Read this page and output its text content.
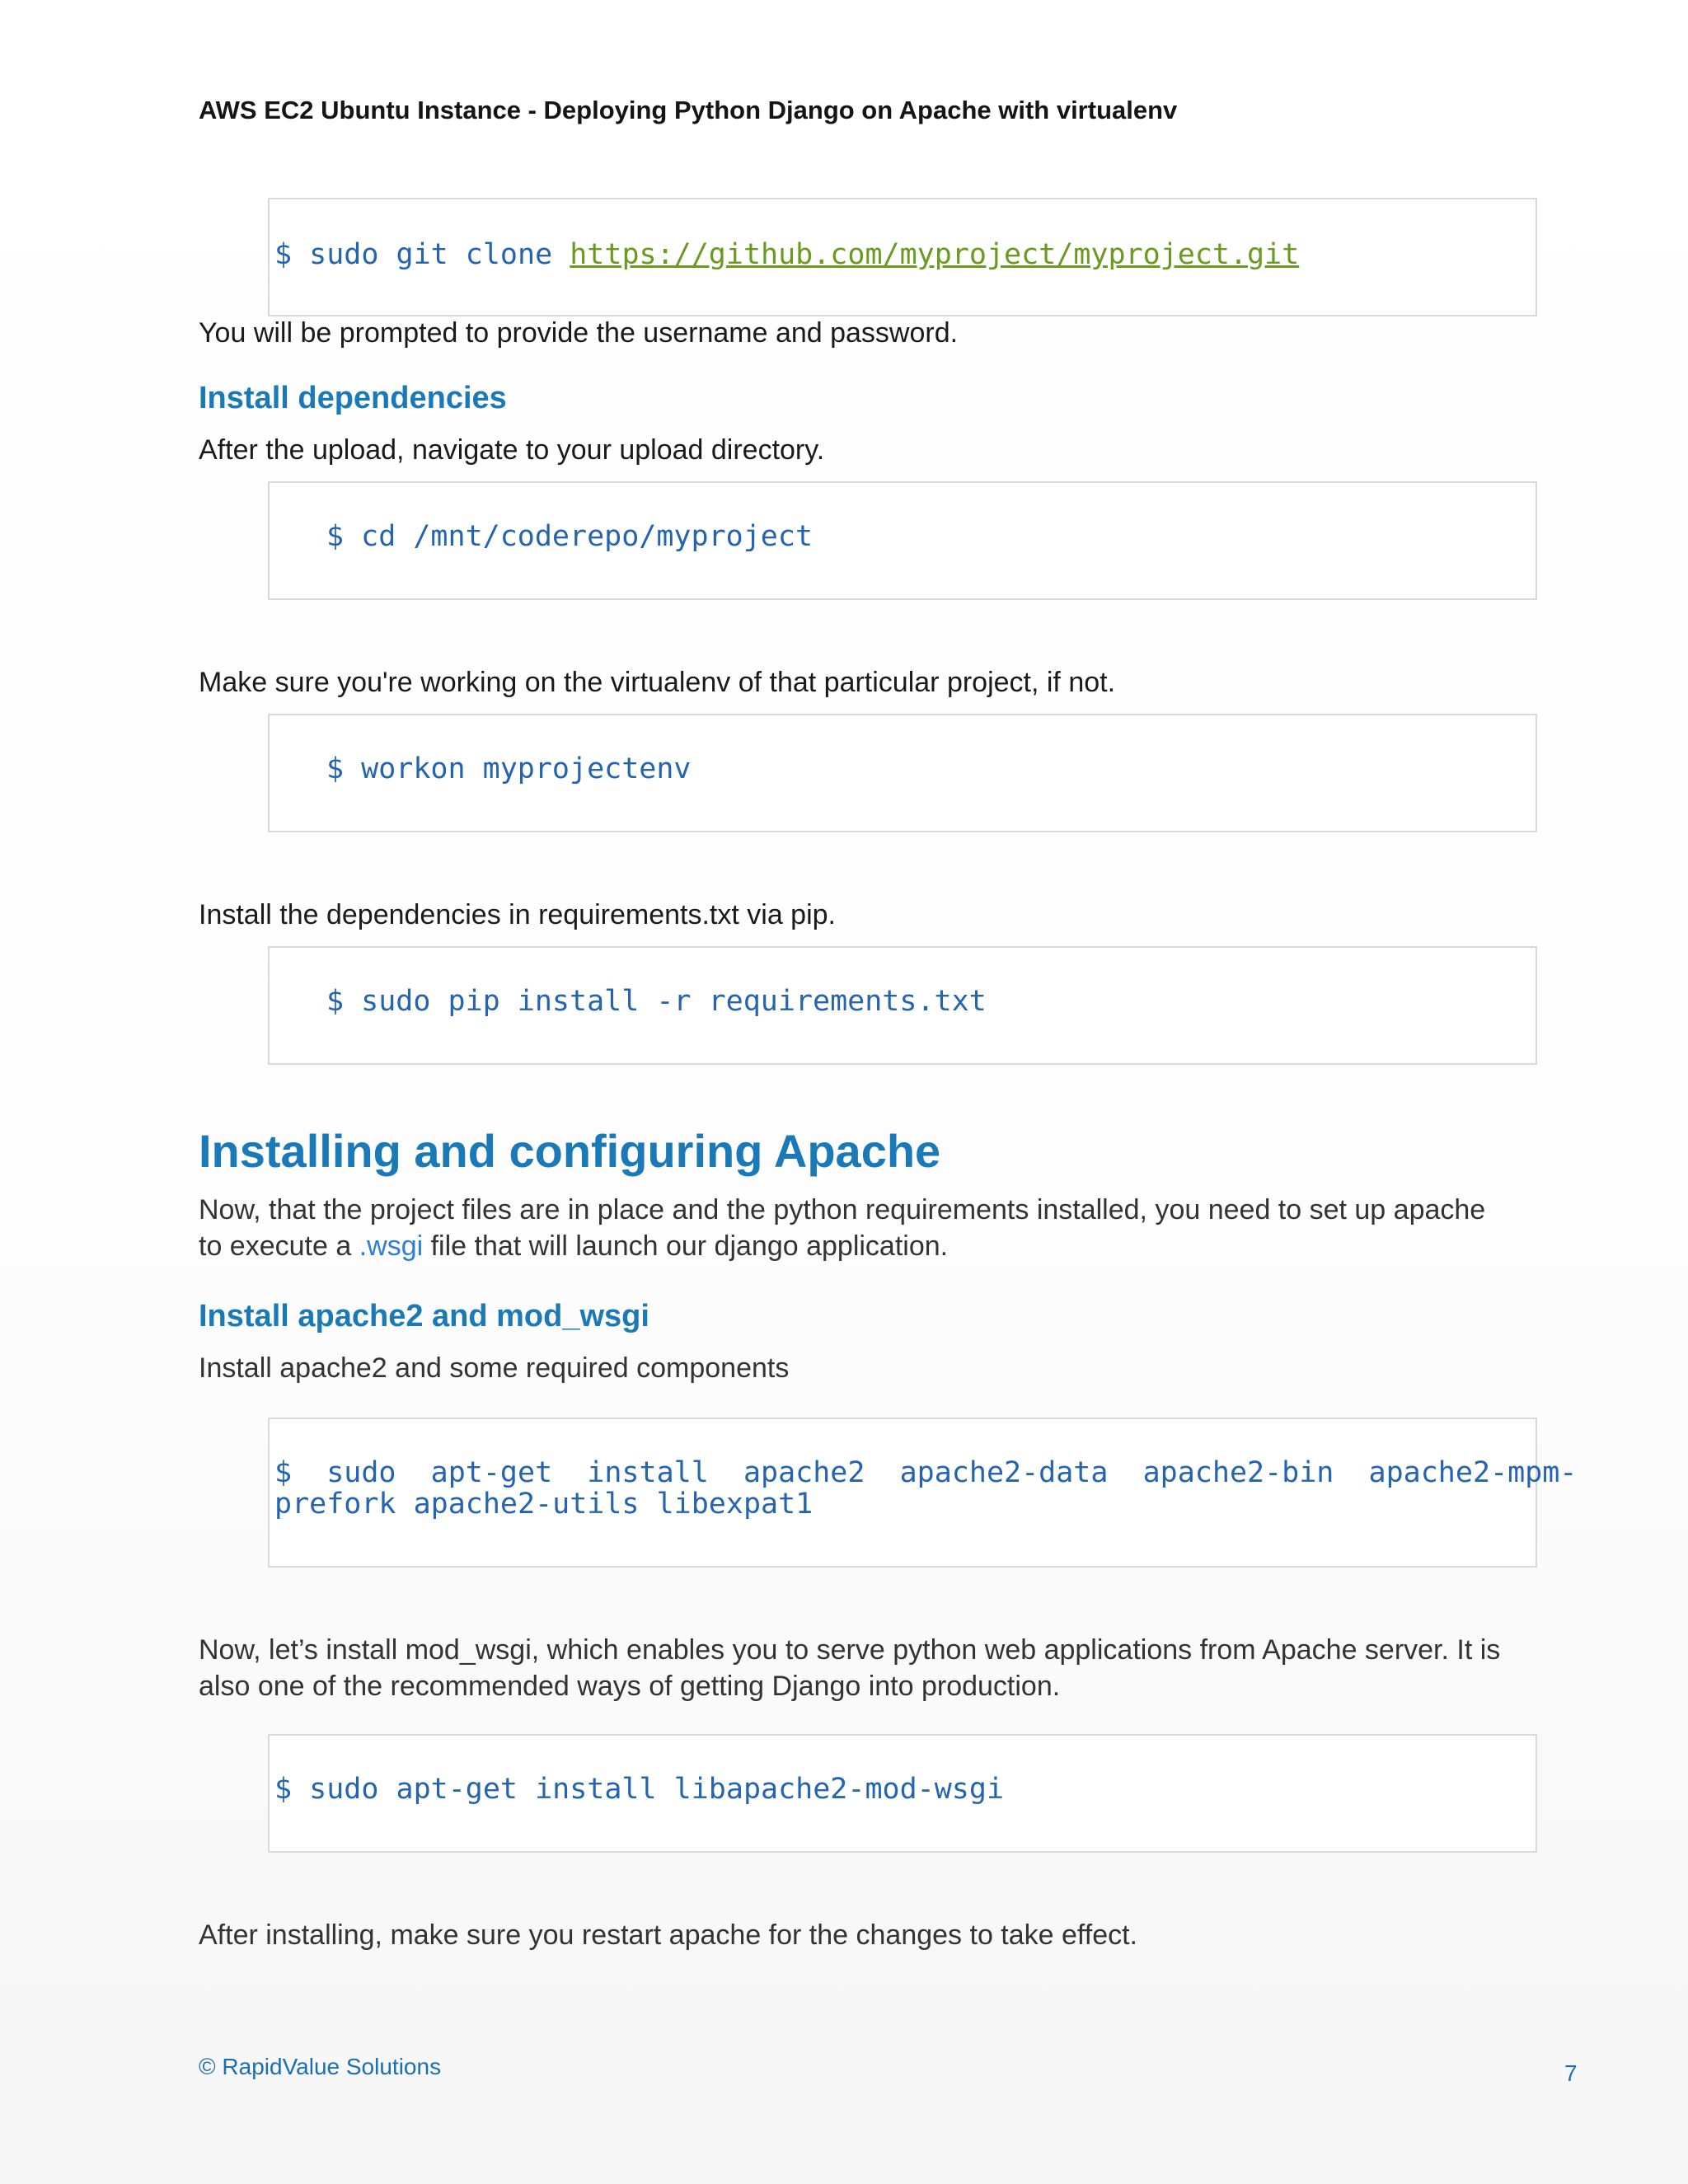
AWS EC2 Ubuntu Instance - Deploying Python Django on Apache with virtualenv
$ sudo git clone https://github.com/myproject/myproject.git

You will be prompted to provide the username and password.

Install dependencies

After the upload, navigate to your upload directory.

$ cd /mnt/coderepo/myproject

Make sure you're working on the virtualenv of that particular project, if not.

$ workon myprojectenv

Install the dependencies in requirements.txt via pip.

$ sudo pip install -r requirements.txt

Installing and configuring Apache

Now, that the project files are in place and the python requirements installed, you need to set up apache

to execute a .wsgi file that will launch our django application.

Install apache2 and mod_wsgi

Install apache2 and some required components

$  sudo  apt-get  install  apache2  apache2-data  apache2-bin  apache2-mpm-
prefork apache2-utils libexpat1

Now, let’s install mod_wsgi, which enables you to serve python web applications from Apache server. It is

also one of the recommended ways of getting Django into production.

$ sudo apt-get install libapache2-mod-wsgi

After installing, make sure you restart apache for the changes to take effect.

© RapidValue Solutions	7
